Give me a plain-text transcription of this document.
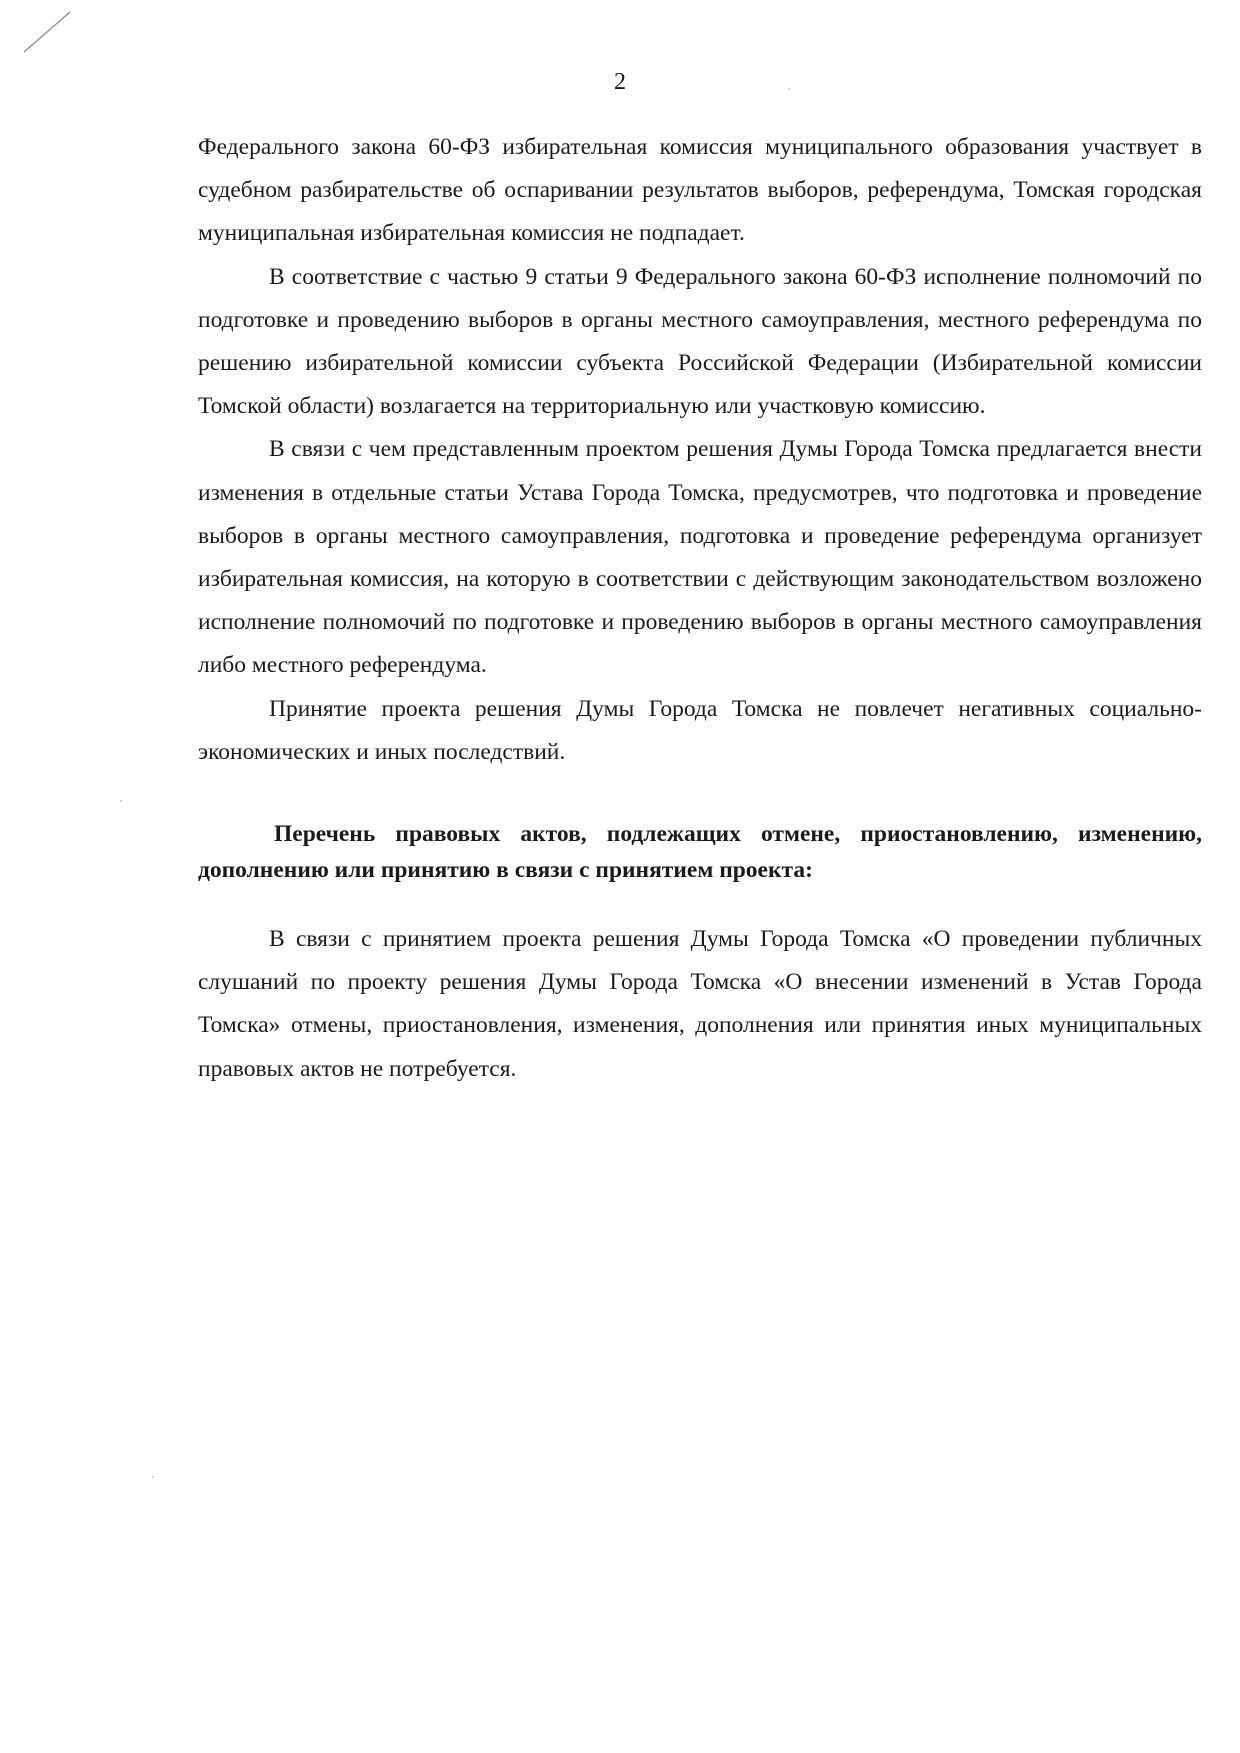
2

Федерального закона 60-ФЗ избирательная комиссия муниципального образования участвует в судебном разбирательстве об оспаривании результатов выборов, референдума, Томская городская муниципальная избирательная комиссия не подпадает.

В соответствие с частью 9 статьи 9 Федерального закона 60-ФЗ исполнение полномочий по подготовке и проведению выборов в органы местного самоуправления, местного референдума по решению избирательной комиссии субъекта Российской Федерации (Избирательной комиссии Томской области) возлагается на территориальную или участковую комиссию.

В связи с чем представленным проектом решения Думы Города Томска предлагается внести изменения в отдельные статьи Устава Города Томска, предусмотрев, что подготовка и проведение выборов в органы местного самоуправления, подготовка и проведение референдума организует избирательная комиссия, на которую в соответствии с действующим законодательством возложено исполнение полномочий по подготовке и проведению выборов в органы местного самоуправления либо местного референдума.

Принятие проекта решения Думы Города Томска не повлечет негативных социально-экономических и иных последствий.

Перечень правовых актов, подлежащих отмене, приостановлению, изменению, дополнению или принятию в связи с принятием проекта:

В связи с принятием проекта решения Думы Города Томска «О проведении публичных слушаний по проекту решения Думы Города Томска «О внесении изменений в Устав Города Томска» отмены, приостановления, изменения, дополнения или принятия иных муниципальных правовых актов не потребуется.
